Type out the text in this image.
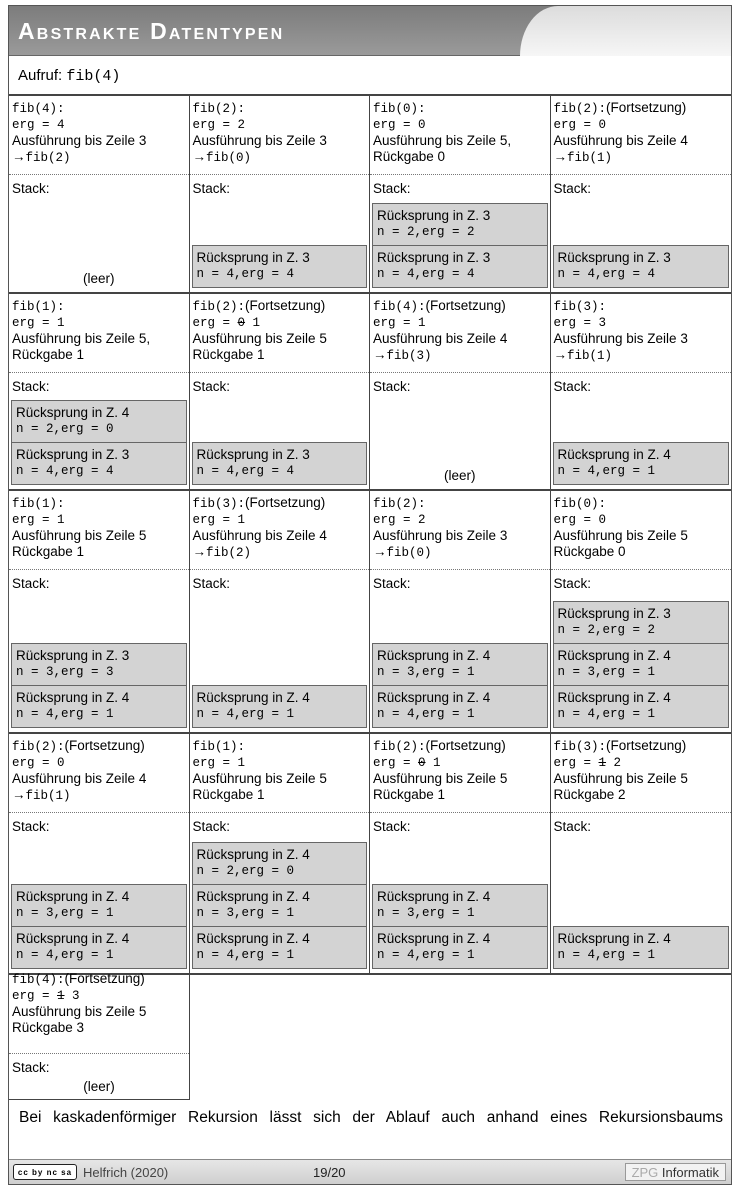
Abstrakte Datentypen
Aufruf: fib(4)
fib(4):
erg = 4
Ausführung bis Zeile 3
→fib(2)
Stack:
(leer)
fib(2):
erg = 2
Ausführung bis Zeile 3
→fib(0)
Stack:
Rücksprung in Z. 3
n = 4,erg = 4
fib(0):
erg = 0
Ausführung bis Zeile 5,
Rückgabe 0
Stack:
Rücksprung in Z. 3
n = 2,erg = 2
Rücksprung in Z. 3
n = 4,erg = 4
fib(2):(Fortsetzung)
erg = 0
Ausführung bis Zeile 4
→fib(1)
Stack:
Rücksprung in Z. 3
n = 4,erg = 4
fib(1):
erg = 1
Ausführung bis Zeile 5,
Rückgabe 1
Stack:
Rücksprung in Z. 4
n = 2,erg = 0
Rücksprung in Z. 3
n = 4,erg = 4
fib(2):(Fortsetzung)
erg = 0 1
Ausführung bis Zeile 5
Rückgabe 1
Stack:
Rücksprung in Z. 3
n = 4,erg = 4
fib(4):(Fortsetzung)
erg = 1
Ausführung bis Zeile 4
→fib(3)
Stack:
(leer)
fib(3):
erg = 3
Ausführung bis Zeile 3
→fib(1)
Stack:
Rücksprung in Z. 4
n = 4,erg = 1
fib(1):
erg = 1
Ausführung bis Zeile 5
Rückgabe 1
Stack:
Rücksprung in Z. 3
n = 3,erg = 3
Rücksprung in Z. 4
n = 4,erg = 1
fib(3):(Fortsetzung)
erg = 1
Ausführung bis Zeile 4
→fib(2)
Stack:
Rücksprung in Z. 4
n = 4,erg = 1
fib(2):
erg = 2
Ausführung bis Zeile 3
→fib(0)
Stack:
Rücksprung in Z. 4
n = 3,erg = 1
Rücksprung in Z. 4
n = 4,erg = 1
fib(0):
erg = 0
Ausführung bis Zeile 5
Rückgabe 0
Stack:
Rücksprung in Z. 3
n = 2,erg = 2
Rücksprung in Z. 4
n = 3,erg = 1
Rücksprung in Z. 4
n = 4,erg = 1
fib(2):(Fortsetzung)
erg = 0
Ausführung bis Zeile 4
→fib(1)
Stack:
Rücksprung in Z. 4
n = 3,erg = 1
Rücksprung in Z. 4
n = 4,erg = 1
fib(1):
erg = 1
Ausführung bis Zeile 5
Rückgabe 1
Stack:
Rücksprung in Z. 4
n = 2,erg = 0
Rücksprung in Z. 4
n = 3,erg = 1
Rücksprung in Z. 4
n = 4,erg = 1
fib(2):(Fortsetzung)
erg = 0 1
Ausführung bis Zeile 5
Rückgabe 1
Stack:
Rücksprung in Z. 4
n = 3,erg = 1
Rücksprung in Z. 4
n = 4,erg = 1
fib(3):(Fortsetzung)
erg = 1 2
Ausführung bis Zeile 5
Rückgabe 2
Stack:
Rücksprung in Z. 4
n = 4,erg = 1
fib(4):(Fortsetzung)
erg = 1 3
Ausführung bis Zeile 5
Rückgabe 3
Stack:
(leer)
Bei kaskadenförmiger Rekursion lässt sich der Ablauf auch anhand eines Rekursionsbaums
cc by nc sa Helfrich (2020)	19/20	ZPG Informatik
